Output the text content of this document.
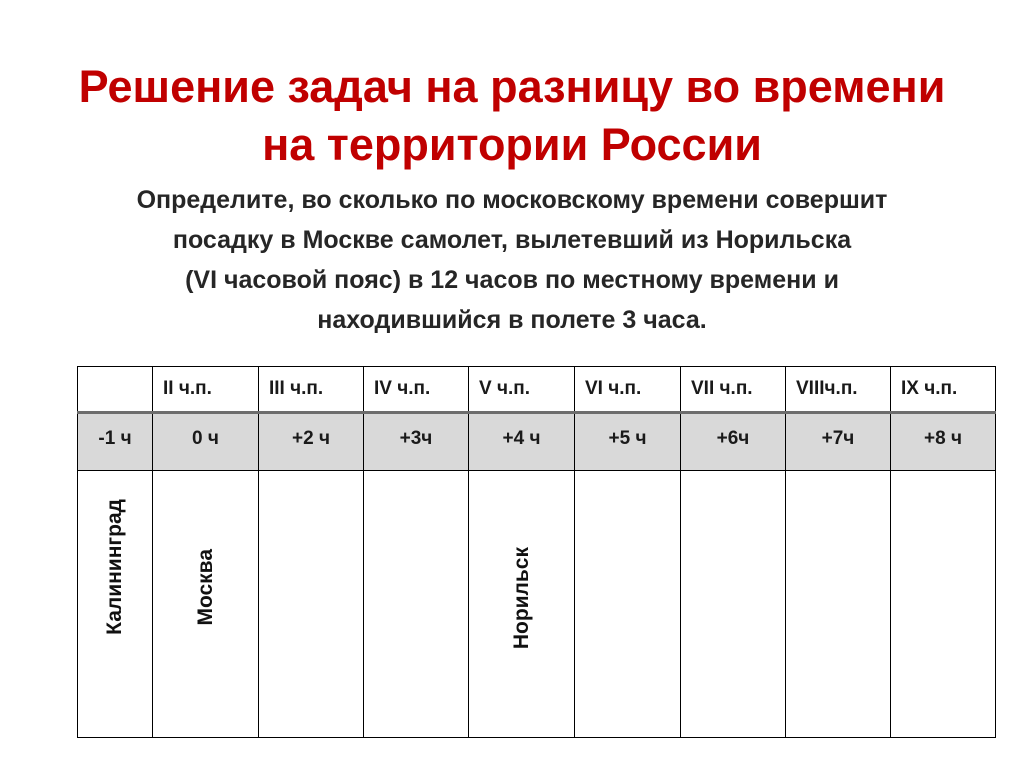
Решение задач на разницу во времени
на территории России
Определите, во сколько по московскому времени совершит
посадку в Москве самолет, вылетевший из Норильска
(VI часовой пояс) в 12 часов по местному времени и
находившийся в полете 3 часа.
	II ч.п.	III ч.п.	IV ч.п.	V ч.п.	VI ч.п.	VII ч.п.	VIIIч.п.	IX ч.п.
-1 ч	0 ч	+2 ч	+3ч	+4 ч	+5 ч	+6ч	+7ч	+8 ч

Калининград	Москва			Норильск				
